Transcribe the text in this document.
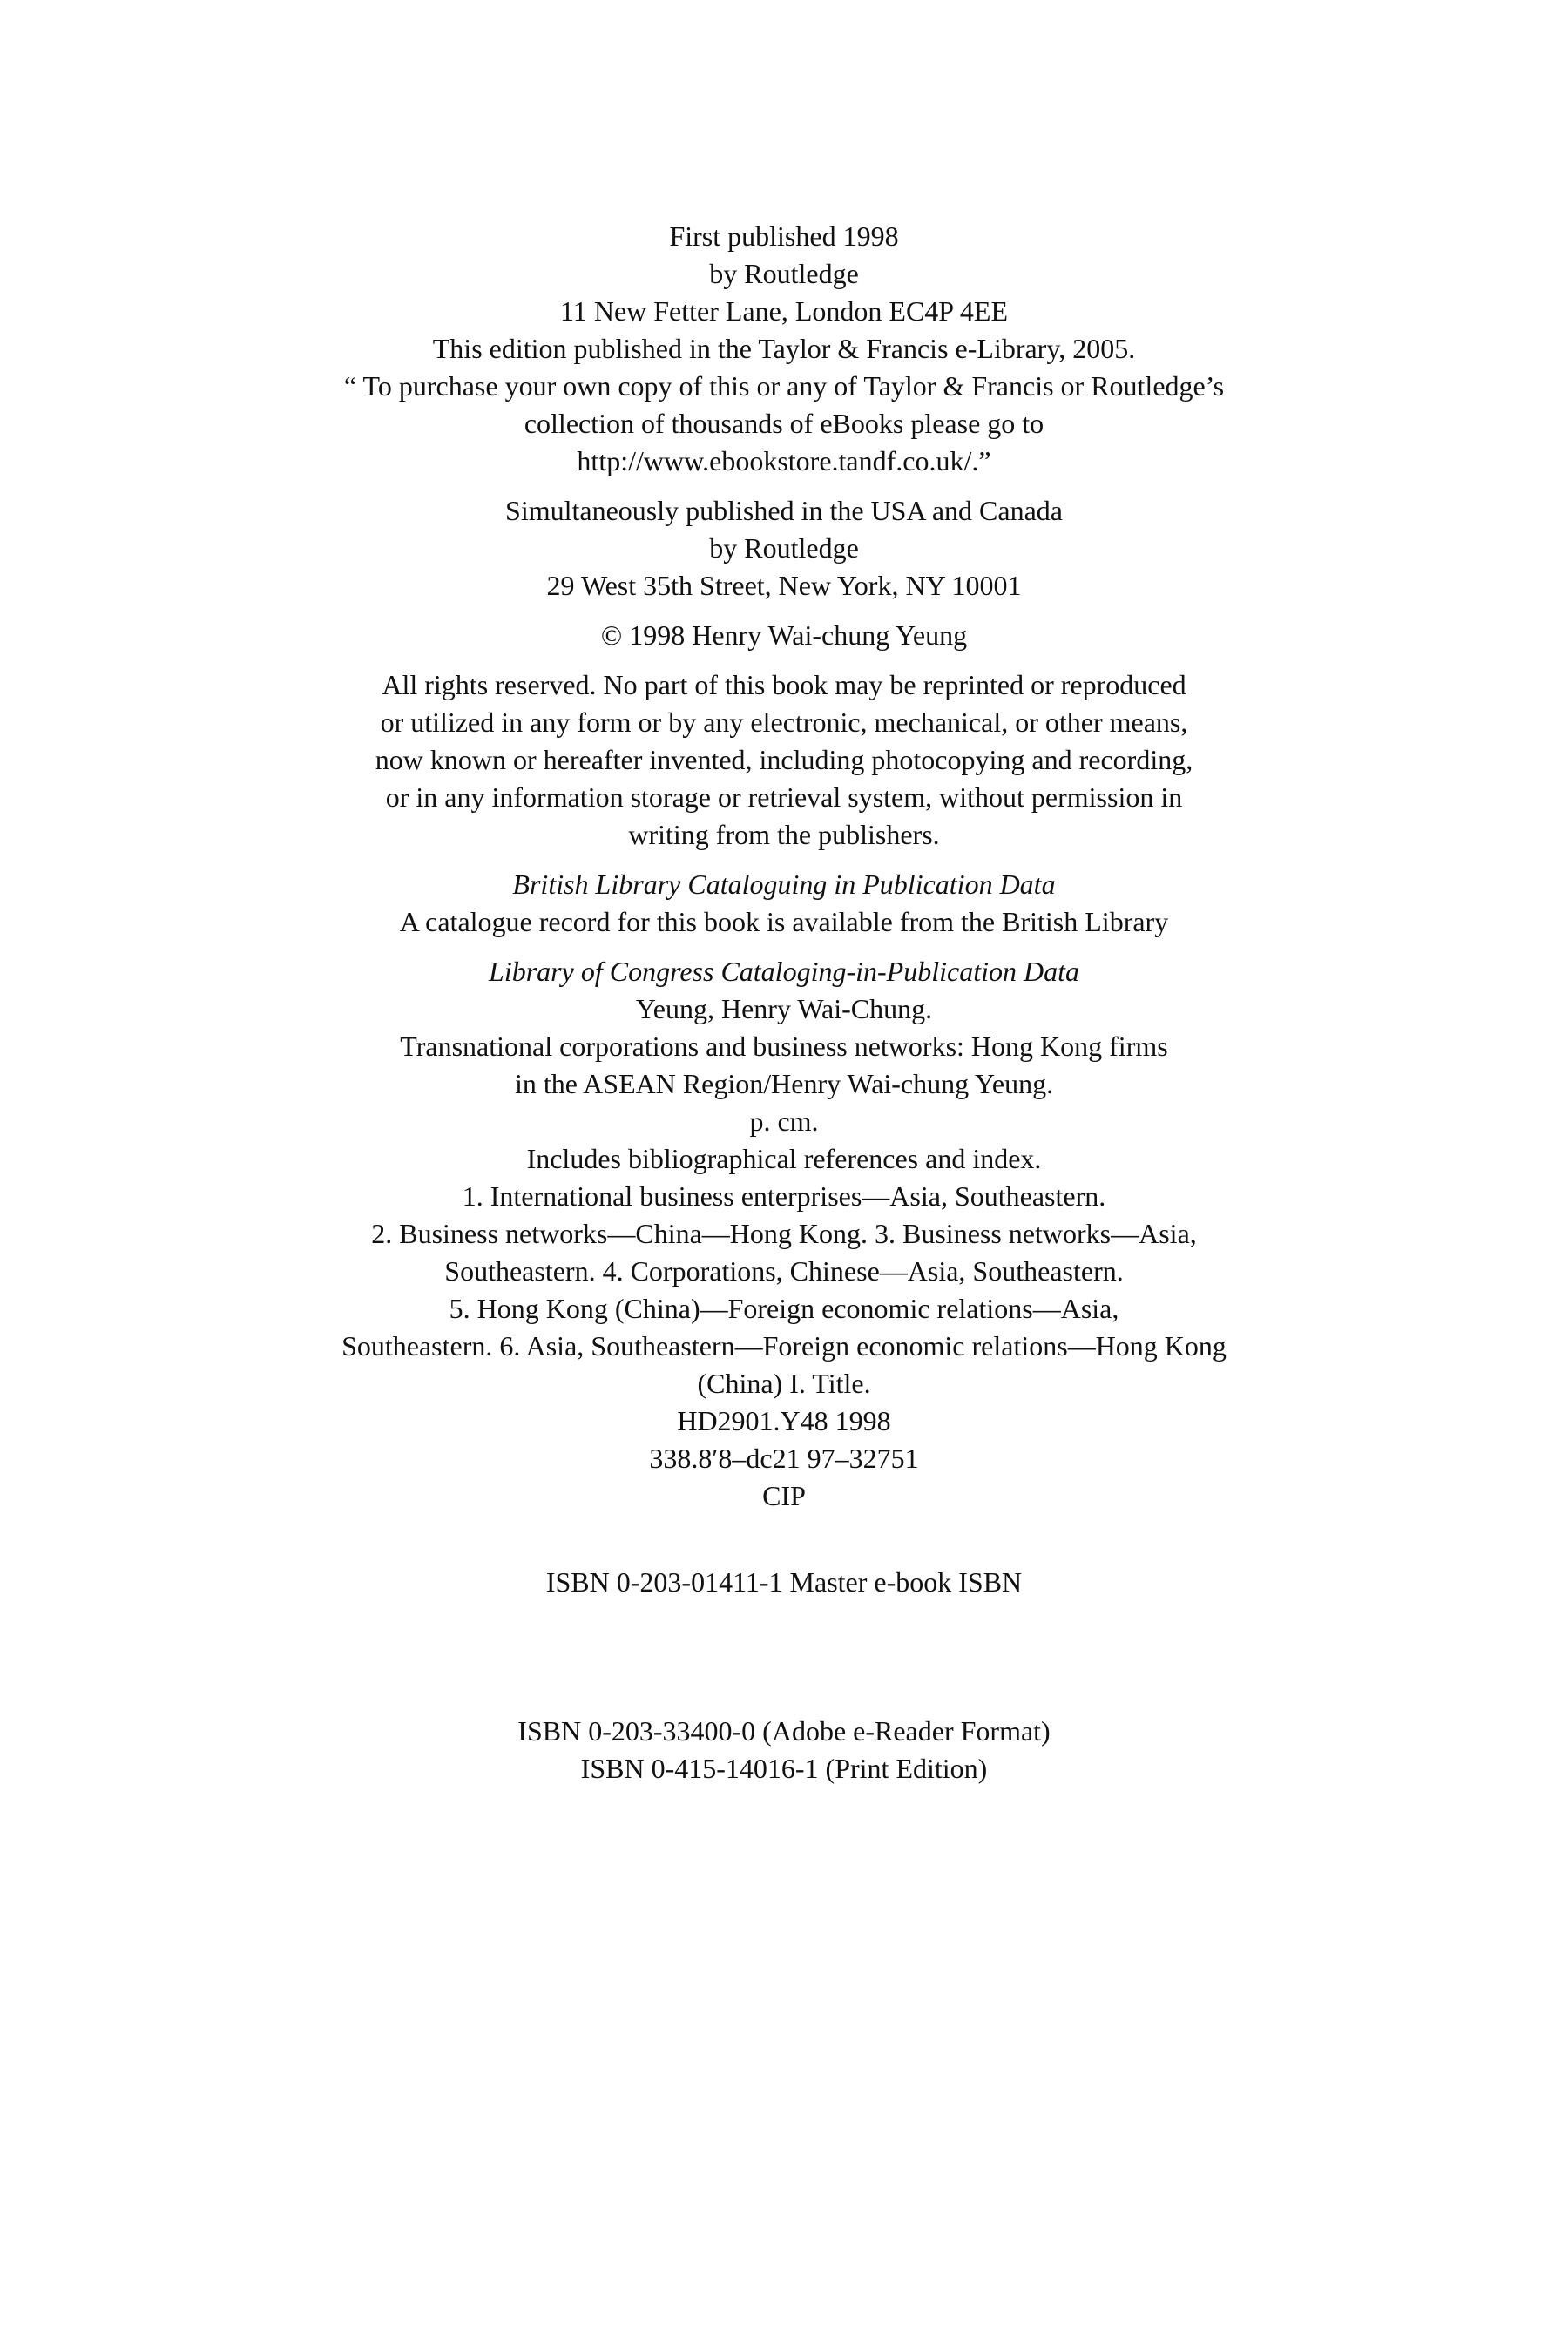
First published 1998
by Routledge
11 New Fetter Lane, London EC4P 4EE
This edition published in the Taylor & Francis e-Library, 2005.
“ To purchase your own copy of this or any of Taylor & Francis or Routledge’s
collection of thousands of eBooks please go to
http://www.ebookstore.tandf.co.uk/.”
Simultaneously published in the USA and Canada
by Routledge
29 West 35th Street, New York, NY 10001
© 1998 Henry Wai-chung Yeung
All rights reserved. No part of this book may be reprinted or reproduced
or utilized in any form or by any electronic, mechanical, or other means,
now known or hereafter invented, including photocopying and recording,
or in any information storage or retrieval system, without permission in
writing from the publishers.
British Library Cataloguing in Publication Data
A catalogue record for this book is available from the British Library
Library of Congress Cataloging-in-Publication Data
Yeung, Henry Wai-Chung.
Transnational corporations and business networks: Hong Kong firms
in the ASEAN Region/Henry Wai-chung Yeung.
p. cm.
Includes bibliographical references and index.
1. International business enterprises—Asia, Southeastern.
2. Business networks—China—Hong Kong. 3. Business networks—Asia,
Southeastern. 4. Corporations, Chinese—Asia, Southeastern.
5. Hong Kong (China)—Foreign economic relations—Asia,
Southeastern. 6. Asia, Southeastern—Foreign economic relations—Hong Kong
(China) I. Title.
HD2901.Y48 1998
338.8′8–dc21 97–32751
CIP
ISBN 0-203-01411-1 Master e-book ISBN
ISBN 0-203-33400-0 (Adobe e-Reader Format)
ISBN 0-415-14016-1 (Print Edition)
